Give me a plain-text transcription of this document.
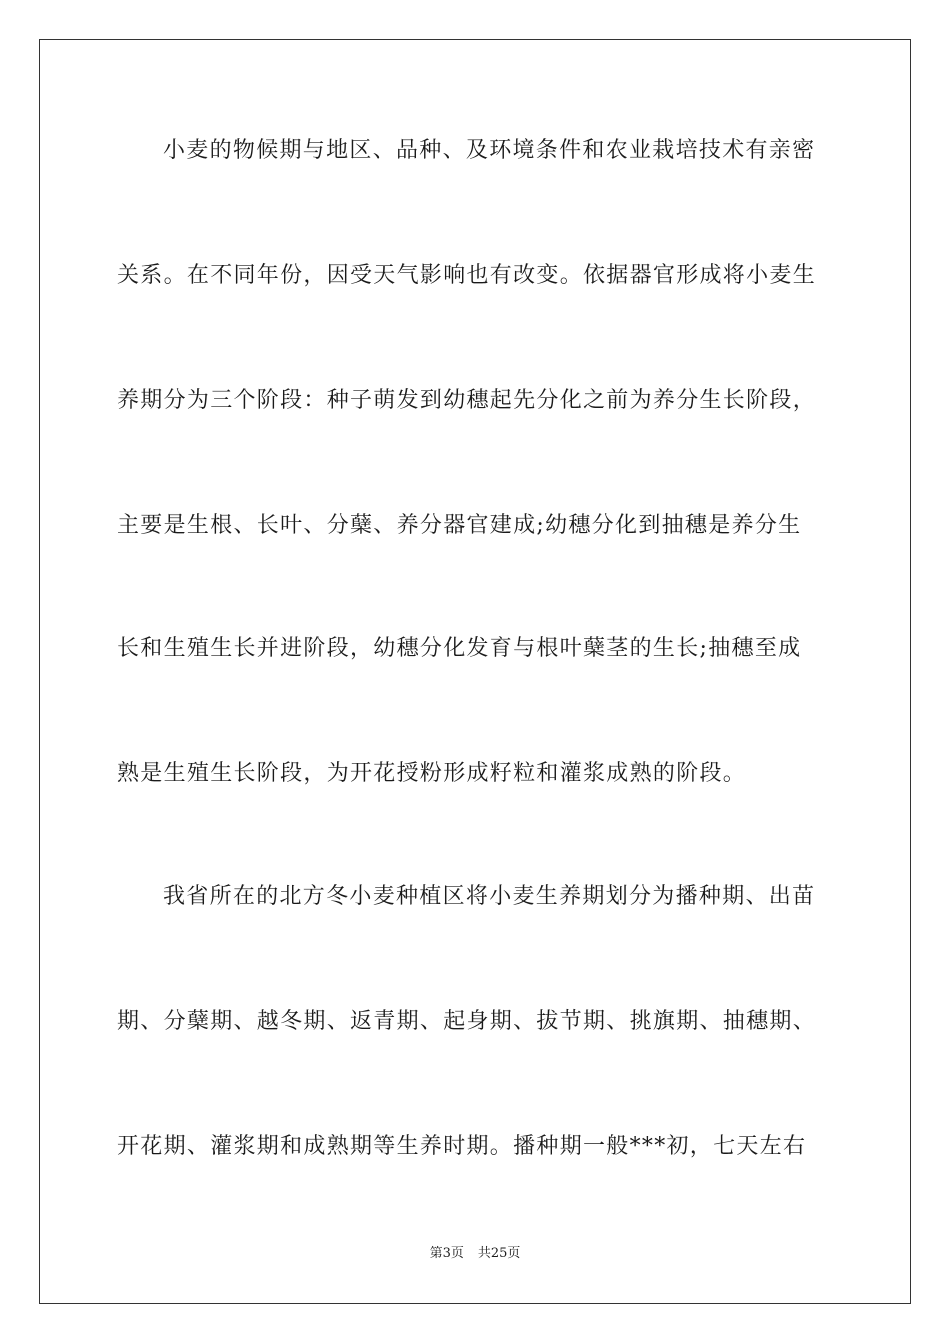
小麦的物候期与地区、品种、及环境条件和农业栽培技术有亲密
关系。在不同年份，因受天气影响也有改变。依据器官形成将小麦生
养期分为三个阶段：种子萌发到幼穗起先分化之前为养分生长阶段，
主要是生根、长叶、分蘖、养分器官建成;幼穗分化到抽穗是养分生
长和生殖生长并进阶段，幼穗分化发育与根叶蘖茎的生长;抽穗至成
熟是生殖生长阶段，为开花授粉形成籽粒和灌浆成熟的阶段。
我省所在的北方冬小麦种植区将小麦生养期划分为播种期、出苗
期、分蘖期、越冬期、返青期、起身期、拔节期、挑旗期、抽穗期、
开花期、灌浆期和成熟期等生养时期。播种期一般***初，七天左右
第3页 共25页
